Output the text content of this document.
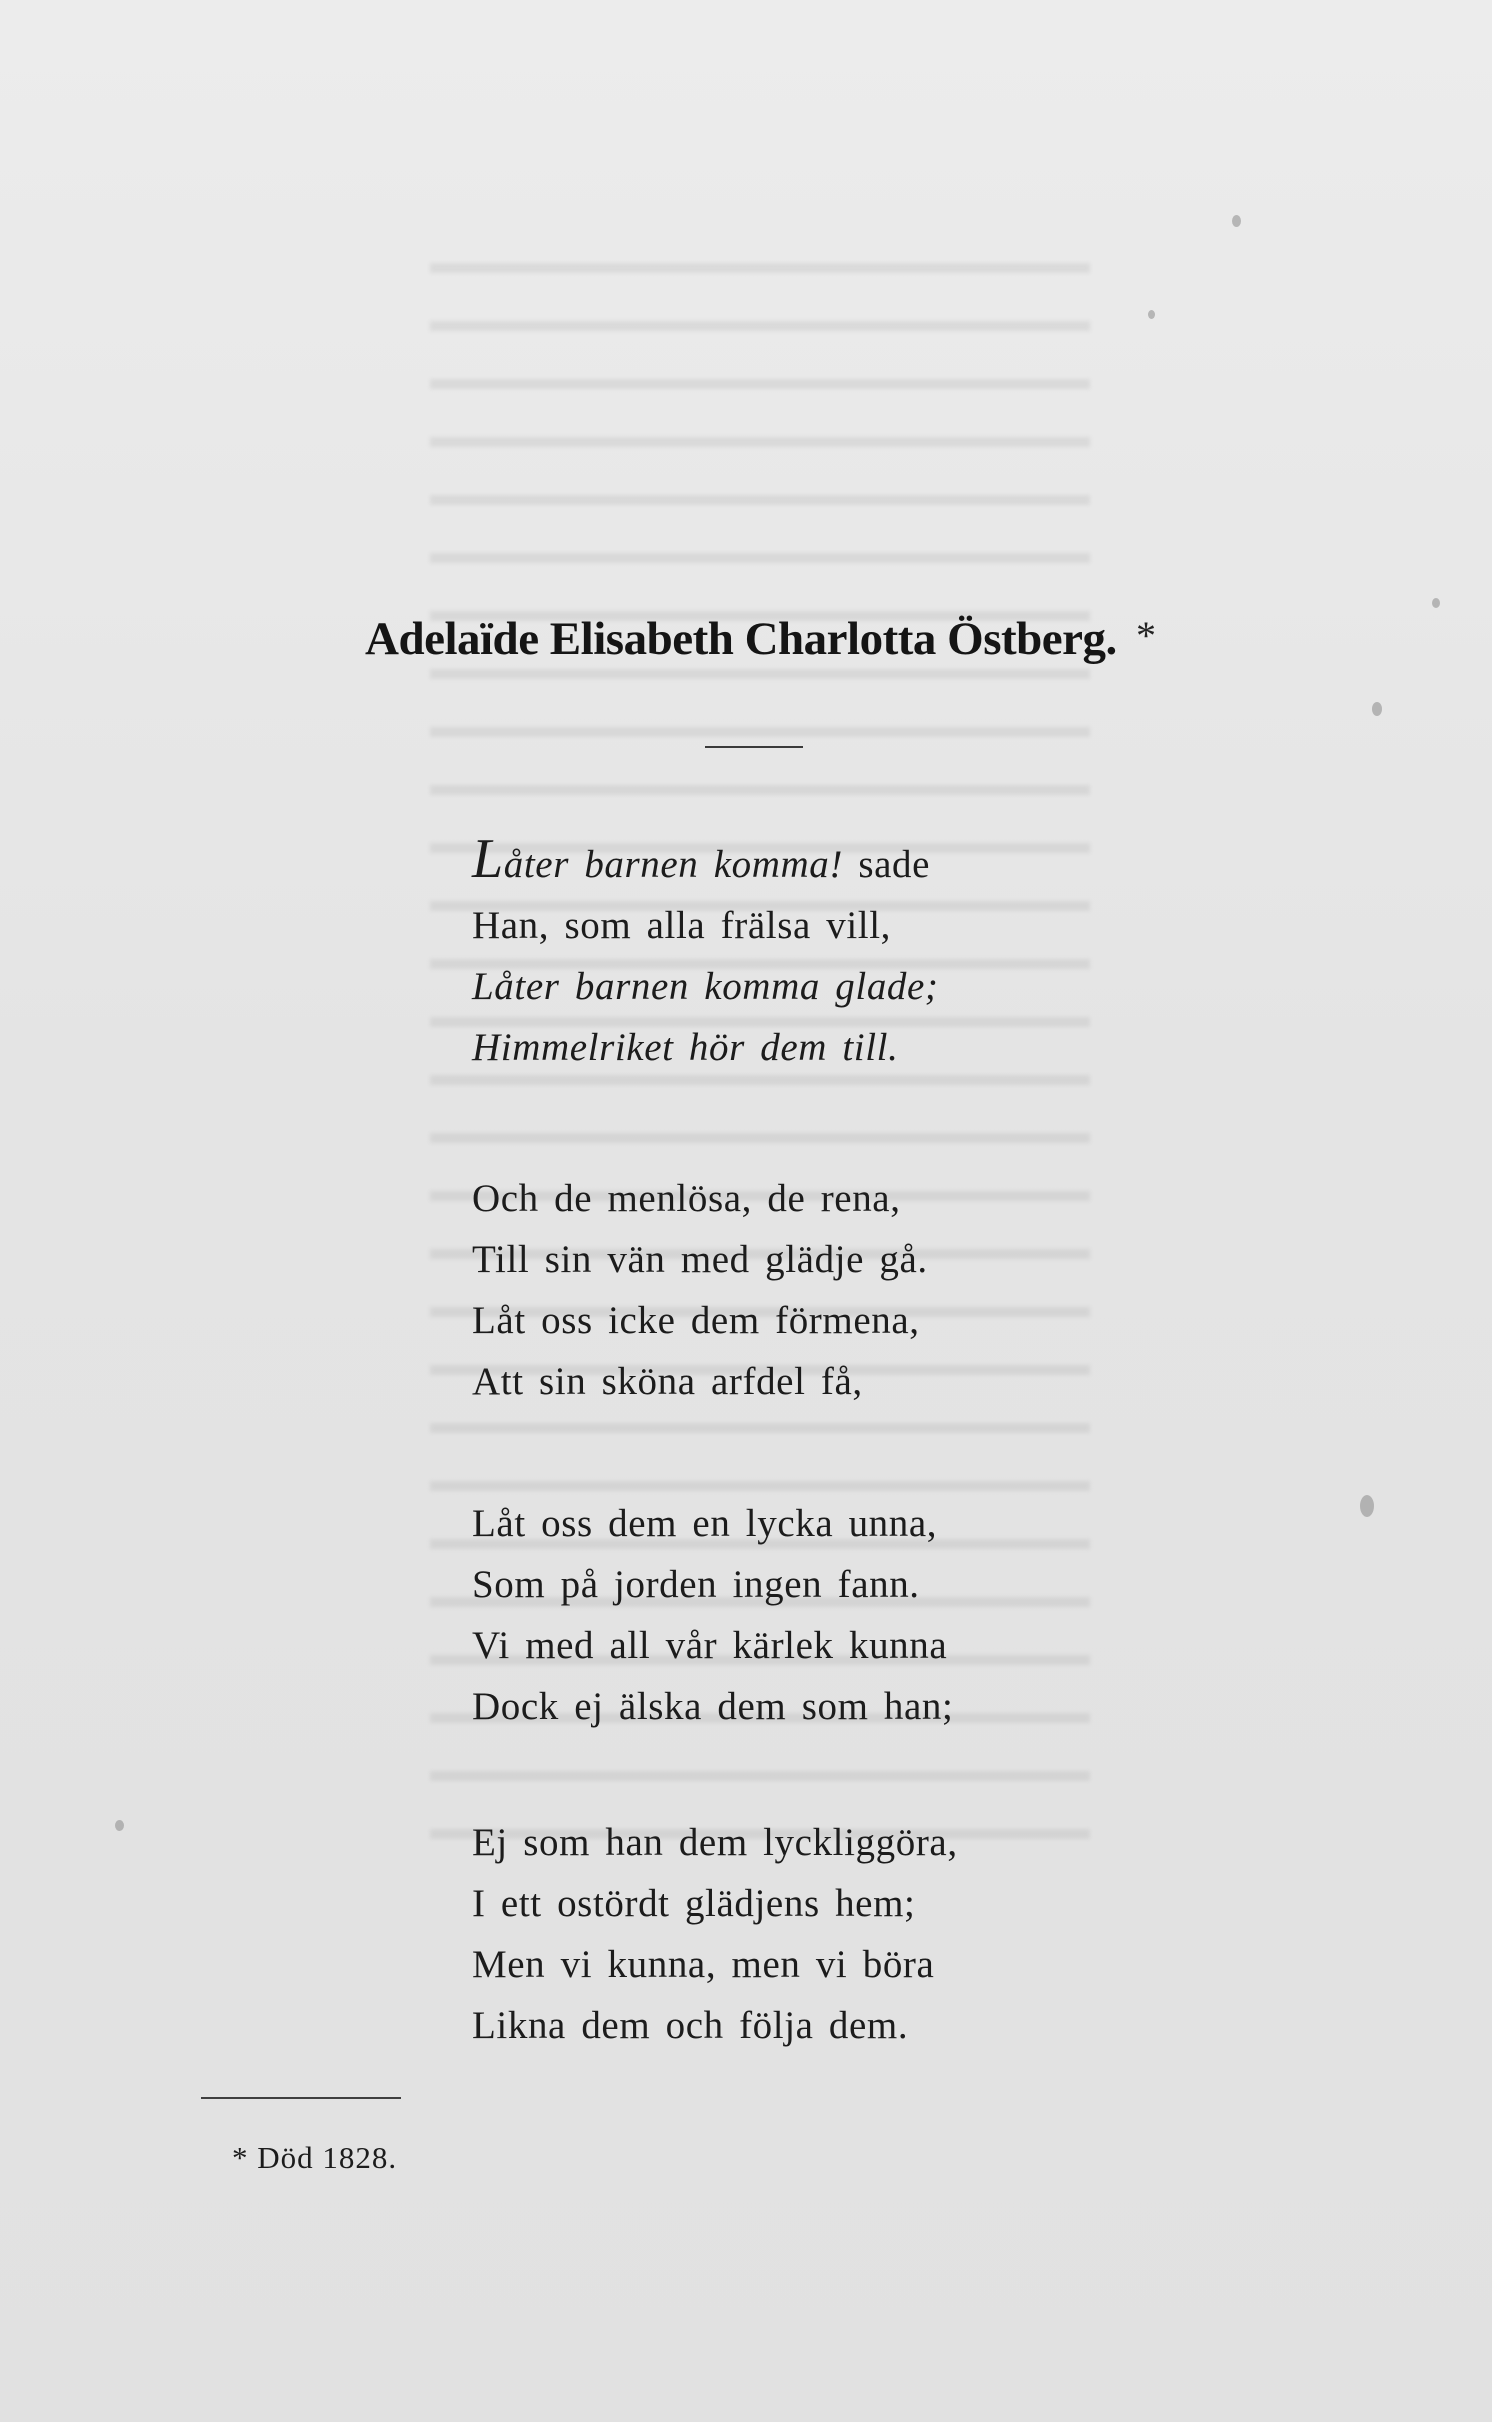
Adelaïde Elisabeth Charlotta Östberg. *
Låter barnen komma! sade
Han, som alla frälsa vill,
Låter barnen komma glade;
Himmelriket hör dem till.
Och de menlösa, de rena,
Till sin vän med glädje gå.
Låt oss icke dem förmena,
Att sin sköna arfdel få,
Låt oss dem en lycka unna,
Som på jorden ingen fann.
Vi med all vår kärlek kunna
Dock ej älska dem som han;
Ej som han dem lyckliggöra,
I ett ostördt glädjens hem;
Men vi kunna, men vi böra
Likna dem och följa dem.
* Död 1828.
